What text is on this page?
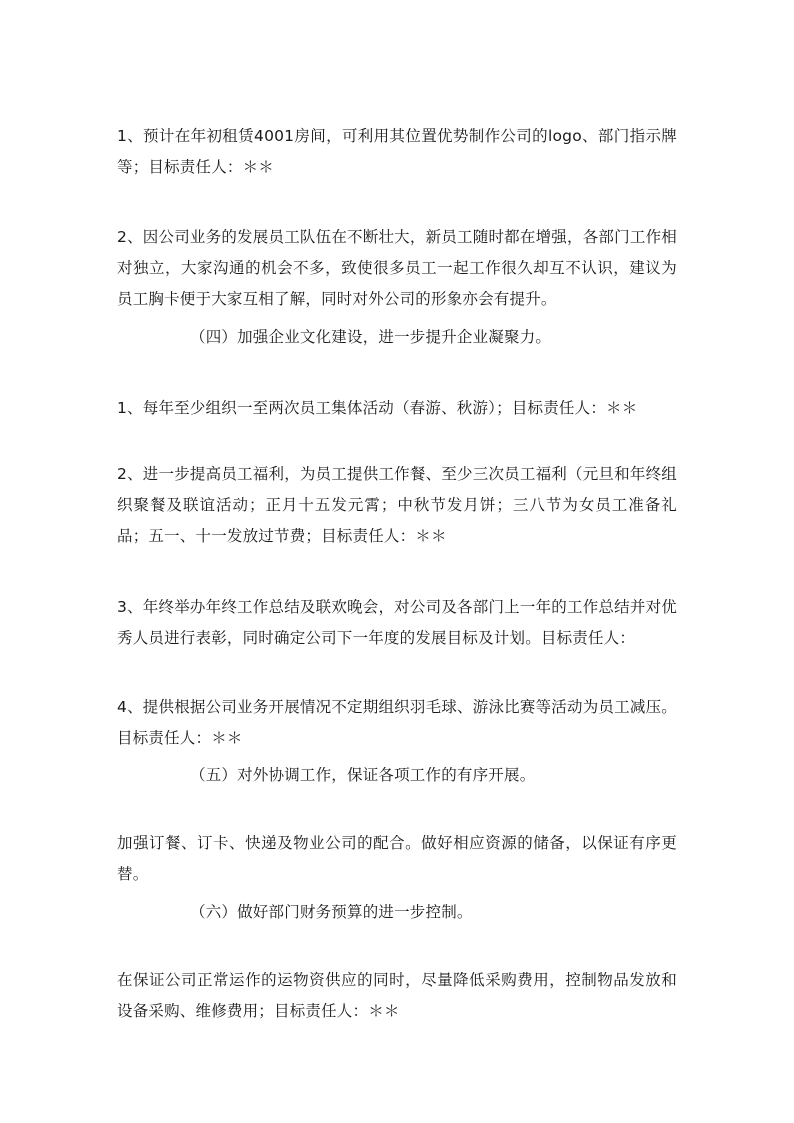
1、预计在年初租赁4001房间，可利用其位置优势制作公司的logo、部门指示牌等；目标责任人：＊＊

2、因公司业务的发展员工队伍在不断壮大，新员工随时都在增强，各部门工作相对独立，大家沟通的机会不多，致使很多员工一起工作很久却互不认识，建议为员工胸卡便于大家互相了解，同时对外公司的形象亦会有提升。

（四）加强企业文化建设，进一步提升企业凝聚力。

1、每年至少组织一至两次员工集体活动（春游、秋游）；目标责任人：＊＊

2、进一步提高员工福利，为员工提供工作餐、至少三次员工福利（元旦和年终组织聚餐及联谊活动；正月十五发元霄；中秋节发月饼；三八节为女员工准备礼品；五一、十一发放过节费；目标责任人：＊＊

3、年终举办年终工作总结及联欢晚会，对公司及各部门上一年的工作总结并对优秀人员进行表彰，同时确定公司下一年度的发展目标及计划。目标责任人：

4、提供根据公司业务开展情况不定期组织羽毛球、游泳比赛等活动为员工减压。目标责任人：＊＊

（五）对外协调工作，保证各项工作的有序开展。

加强订餐、订卡、快递及物业公司的配合。做好相应资源的储备，以保证有序更替。

（六）做好部门财务预算的进一步控制。

在保证公司正常运作的运物资供应的同时，尽量降低采购费用，控制物品发放和设备采购、维修费用；目标责任人：＊＊
